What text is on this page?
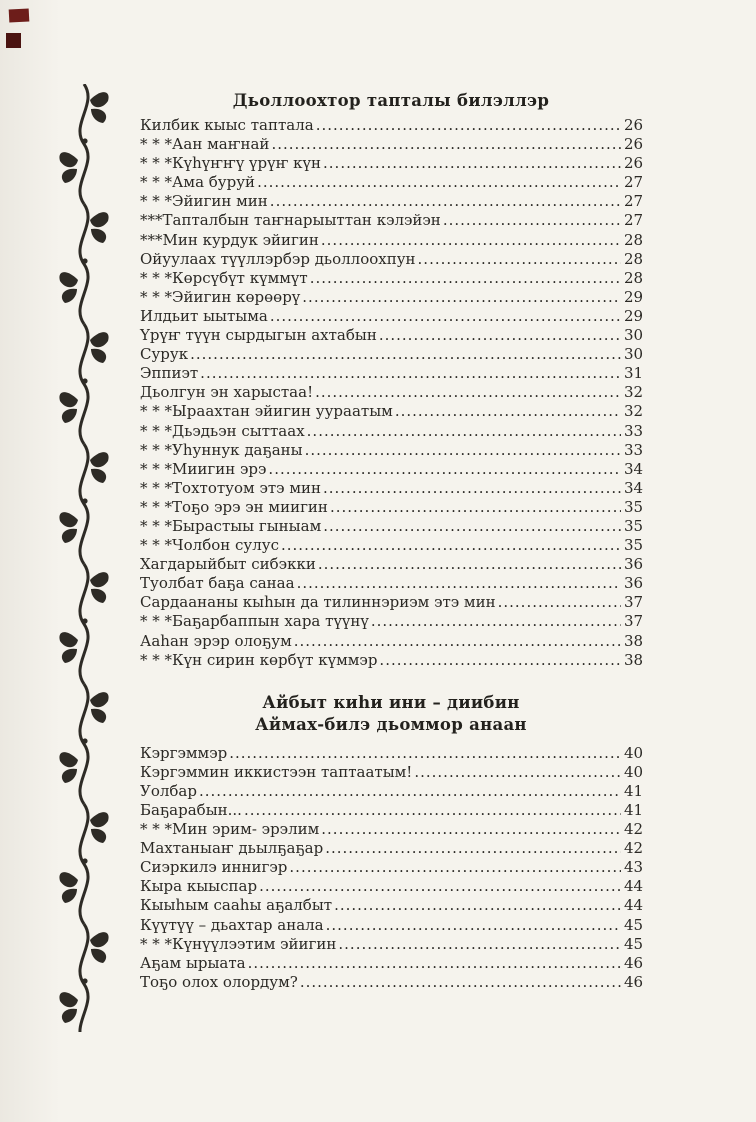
Дьоллоохтор тапталы билэллэр
Килбик кыыс таптала .....	26
* * *Аан маҥнай .....	26
* * *Күһүҥҥү үрүҥ күн .....	26
* * *Ама буруй .....	27
* * *Эйигин мин .....	27
***Тапталбын таҥнарыыттан кэлэйэн .....	27
***Мин курдук эйигин .....	28
Ойуулаах түүллэрбэр дьоллоохпун .....	28
* * *Көрсүбүт күммүт .....	28
* * *Эйигин көрөөрү .....	29
Илдьит ыытыма .....	29
Үрүҥ түүн сырдыгын ахтабын .....	30
Сурук .....	30
Эппиэт .....	31
Дьолгун эн харыстаа! .....	32
* * *Ыраахтан эйигин уураатым .....	32
* * *Дьэдьэн сыттаах .....	33
* * *Уһуннук даҕаны .....	33
* * *Миигин эрэ .....	34
* * *Тохтотуом этэ мин .....	34
* * *Тоҕо эрэ эн миигин .....	35
* * *Бырастыы гыныам .....	35
* * *Чолбон сулус .....	35
Хагдарыйбыт сибэкки .....	36
Туолбат баҕа санаа .....	36
Сардаананы кыһын да тилиннэриэм этэ мин .....	37
* * *Баҕарбаппын хара түүнү .....	37
Ааһан эрэр олоҕум .....	38
* * *Күн сирин көрбүт күммэр .....	38
Айбыт киһи ини – диибин
Аймах-билэ дьоммор анаан
Кэргэммэр .....	40
Кэргэммин иккистээн таптаатым! .....	40
Уолбар .....	41
Баҕарабын... .....	41
* * *Мин эрим- эрэлим .....	42
Махтаныаҥ дьылҕаҕар .....	42
Сиэркилэ иннигэр .....	43
Кыра кыыспар .....	44
Кыыһым сааһы аҕалбыт .....	44
Күүтүү – дьахтар анала .....	45
* * *Күнүүлээтим эйигин .....	45
Аҕам ырыата .....	46
Тоҕо олох олордум? .....	46
